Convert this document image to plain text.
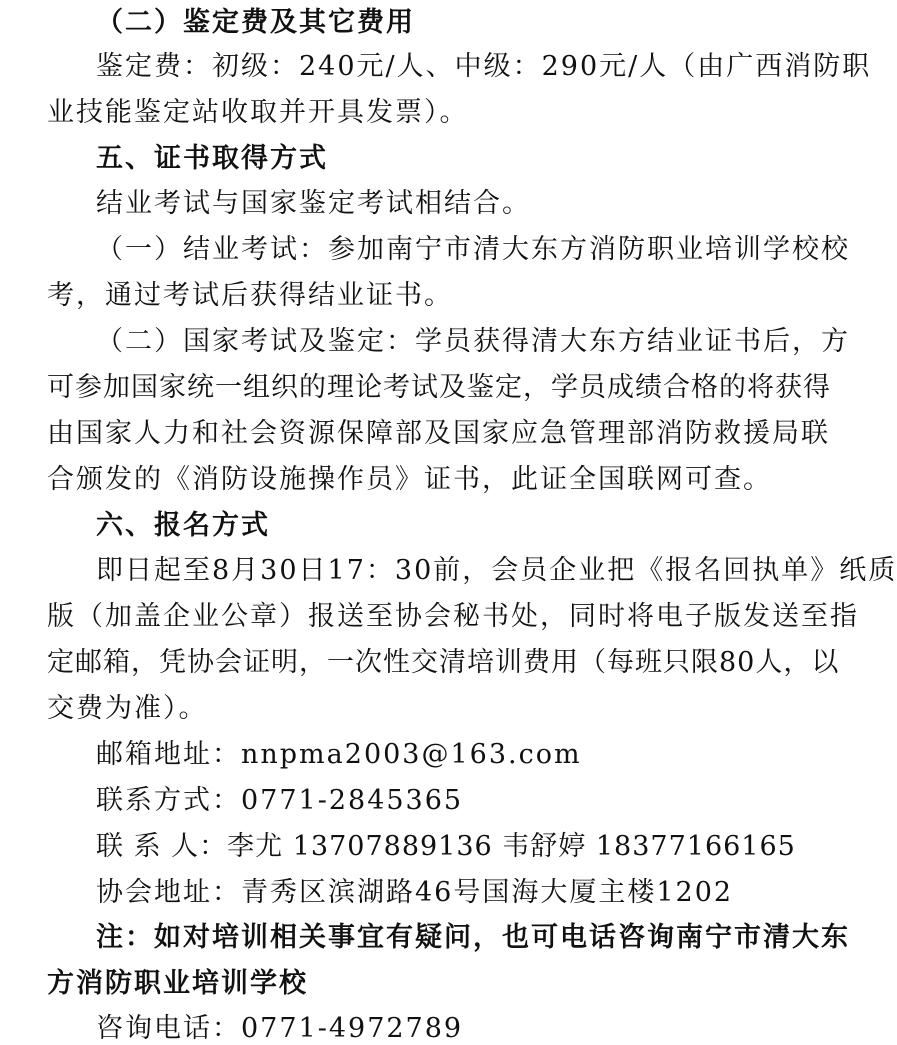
（二）鉴定费及其它费用
鉴定费：初级：240元/人、中级：290元/人（由广西消防职
业技能鉴定站收取并开具发票）。
五、证书取得方式
结业考试与国家鉴定考试相结合。
（一）结业考试：参加南宁市清大东方消防职业培训学校校
考，通过考试后获得结业证书。
（二）国家考试及鉴定：学员获得清大东方结业证书后，方
可参加国家统一组织的理论考试及鉴定，学员成绩合格的将获得
由国家人力和社会资源保障部及国家应急管理部消防救援局联
合颁发的《消防设施操作员》证书，此证全国联网可查。
六、报名方式
即日起至8月30日17：30前，会员企业把《报名回执单》纸质
版（加盖企业公章）报送至协会秘书处，同时将电子版发送至指
定邮箱，凭协会证明，一次性交清培训费用（每班只限80人，以
交费为准）。
邮箱地址：nnpma2003@163.com
联系方式：0771-2845365
联 系 人：李尤 13707889136 韦舒婷 18377166165
协会地址：青秀区滨湖路46号国海大厦主楼1202
注：如对培训相关事宜有疑问，也可电话咨询南宁市清大东
方消防职业培训学校
咨询电话：0771-4972789
